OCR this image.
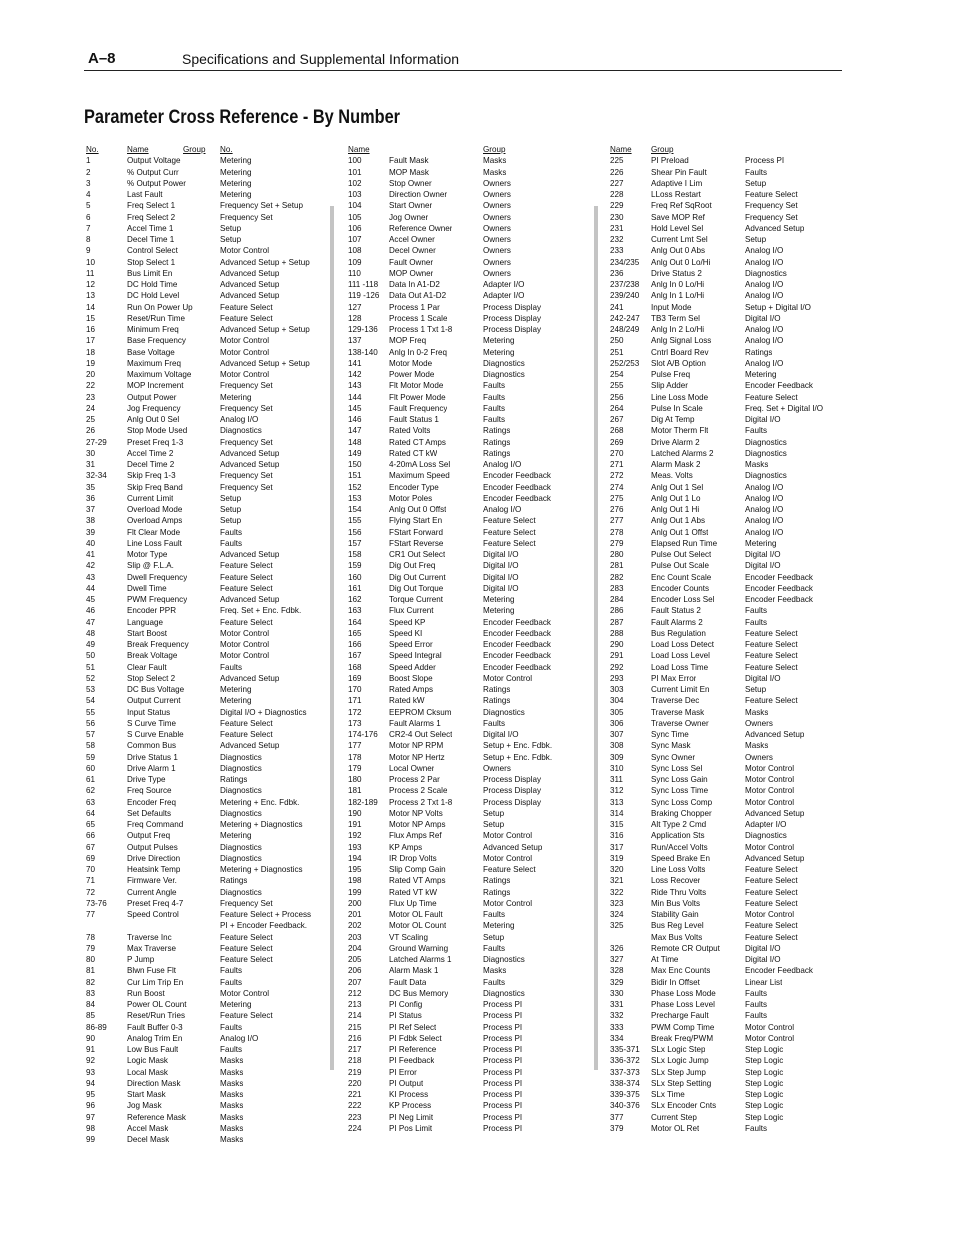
A–8	Specifications and Supplemental Information
Parameter Cross Reference - By Number
No.	Name	Group No.
1	Output Voltage	Metering
2	% Output Curr	Metering
3	% Output Power	Metering
4	Last Fault	Metering
5	Freq Select 1	Frequency Set + Setup
6	Freq Select 2	Frequency Set
7	Accel Time 1	Setup
8	Decel Time 1	Setup
9	Control Select	Motor Control
10	Stop Select 1	Advanced Setup + Setup
11	Bus Limit En	Advanced Setup
12	DC Hold Time	Advanced Setup
13	DC Hold Level	Advanced Setup
14	Run On Power Up	Feature Select
15	Reset/Run Time	Feature Select
16	Minimum Freq	Advanced Setup + Setup
17	Base Frequency	Motor Control
18	Base Voltage	Motor Control
19	Maximum Freq	Advanced Setup + Setup
20	Maximum Voltage	Motor Control
22	MOP Increment	Frequency Set
23	Output Power	Metering
24	Jog Frequency	Frequency Set
25	Anlg Out 0 Sel	Analog I/O
26	Stop Mode Used	Diagnostics
27-29	Preset Freq 1-3	Frequency Set
30	Accel Time 2	Advanced Setup
31	Decel Time 2	Advanced Setup
32-34	Skip Freq 1-3	Frequency Set
35	Skip Freq Band	Frequency Set
36	Current Limit	Setup
37	Overload Mode	Setup
38	Overload Amps	Setup
39	Flt Clear Mode	Faults
40	Line Loss Fault	Faults
41	Motor Type	Advanced Setup
42	Slip @ F.L.A.	Feature Select
43	Dwell Frequency	Feature Select
44	Dwell Time	Feature Select
45	PWM Frequency	Advanced Setup
46	Encoder PPR	Freq. Set + Enc. Fdbk.
47	Language	Feature Select
48	Start Boost	Motor Control
49	Break Frequency	Motor Control
50	Break Voltage	Motor Control
51	Clear Fault	Faults
52	Stop Select 2	Advanced Setup
53	DC Bus Voltage	Metering
54	Output Current	Metering
55	Input Status	Digital I/O + Diagnostics
56	S Curve Time	Feature Select
57	S Curve Enable	Feature Select
58	Common Bus	Advanced Setup
59	Drive Status 1	Diagnostics
60	Drive Alarm 1	Diagnostics
61	Drive Type	Ratings
62	Freq Source	Diagnostics
63	Encoder Freq	Metering + Enc. Fdbk.
64	Set Defaults	Diagnostics
65	Freq Command	Metering + Diagnostics
66	Output Freq	Metering
67	Output Pulses	Diagnostics
69	Drive Direction	Diagnostics
70	Heatsink Temp	Metering + Diagnostics
71	Firmware Ver.	Ratings
72	Current Angle	Diagnostics
73-76	Preset Freq 4-7	Frequency Set
77	Speed Control	Feature Select + Process
PI + Encoder Feedback.
78	Traverse Inc	Feature Select
79	Max Traverse	Feature Select
80	P Jump	Feature Select
81	Blwn Fuse Flt	Faults
82	Cur Lim Trip En	Faults
83	Run Boost	Motor Control
84	Power OL Count	Metering
85	Reset/Run Tries	Feature Select
86-89	Fault Buffer 0-3	Faults
90	Analog Trim En	Analog I/O
91	Low Bus Fault	Faults
92	Logic Mask	Masks
93	Local Mask	Masks
94	Direction Mask	Masks
95	Start Mask	Masks
96	Jog Mask	Masks
97	Reference Mask	Masks
98	Accel Mask	Masks
99	Decel Mask	Masks
Name	Group
100	Fault Mask	Masks
101	MOP Mask	Masks
102	Stop Owner	Owners
103	Direction Owner	Owners
104	Start Owner	Owners
105	Jog Owner	Owners
106	Reference Owner	Owners
107	Accel Owner	Owners
108	Decel Owner	Owners
109	Fault Owner	Owners
110	MOP Owner	Owners
111 -118 Data In A1-D2	Adapter I/O
119 -126 Data Out A1-D2	Adapter I/O
127	Process 1 Par	Process Display
128	Process 1 Scale	Process Display
129-136 Process 1 Txt 1-8	Process Display
137	MOP Freq	Metering
138-140 Anlg In 0-2 Freq	Metering
141	Motor Mode	Diagnostics
142	Power Mode	Diagnostics
143	Flt Motor Mode	Faults
144	Flt Power Mode	Faults
145	Fault Frequency	Faults
146	Fault Status 1	Faults
147	Rated Volts	Ratings
148	Rated CT Amps	Ratings
149	Rated CT kW	Ratings
150	4-20mA Loss Sel	Analog I/O
151	Maximum Speed	Encoder Feedback
152	Encoder Type	Encoder Feedback
153	Motor Poles	Encoder Feedback
154	Anlg Out 0 Offst	Analog I/O
155	Flying Start En	Feature Select
156	FStart Forward	Feature Select
157	FStart Reverse	Feature Select
158	CR1 Out Select	Digital I/O
159	Dig Out Freq	Digital I/O
160	Dig Out Current	Digital I/O
161	Dig Out Torque	Digital I/O
162	Torque Current	Metering
163	Flux Current	Metering
164	Speed KP	Encoder Feedback
165	Speed KI	Encoder Feedback
166	Speed Error	Encoder Feedback
167	Speed Integral	Encoder Feedback
168	Speed Adder	Encoder Feedback
169	Boost Slope	Motor Control
170	Rated Amps	Ratings
171	Rated kW	Ratings
172	EEPROM Cksum	Diagnostics
173	Fault Alarms 1	Faults
174-176 CR2-4 Out Select	Digital I/O
177	Motor NP RPM	Setup + Enc. Fdbk.
178	Motor NP Hertz	Setup + Enc. Fdbk.
179	Local Owner	Owners
180	Process 2 Par	Process Display
181	Process 2 Scale	Process Display
182-189 Process 2 Txt 1-8	Process Display
190	Motor NP Volts	Setup
191	Motor NP Amps	Setup
192	Flux Amps Ref	Motor Control
193	KP Amps	Advanced Setup
194	IR Drop Volts	Motor Control
195	Slip Comp Gain	Feature Select
198	Rated VT Amps	Ratings
199	Rated VT kW	Ratings
200	Flux Up Time	Motor Control
201	Motor OL Fault	Faults
202	Motor OL Count	Metering
203	VT Scaling	Setup
204	Ground Warning	Faults
205	Latched Alarms 1	Diagnostics
206	Alarm Mask 1	Masks
207	Fault Data	Faults
212	DC Bus Memory	Diagnostics
213	PI Config	Process PI
214	PI Status	Process PI
215	PI Ref Select	Process PI
216	PI Fdbk Select	Process PI
217	PI Reference	Process PI
218	PI Feedback	Process PI
219	PI Error	Process PI
220	PI Output	Process PI
221	KI Process	Process PI
222	KP Process	Process PI
223	PI Neg Limit	Process PI
224	PI Pos Limit	Process PI
Name Group
225	PI Preload	Process PI
226	Shear Pin Fault	Faults
227	Adaptive I Lim	Setup
228	LLoss Restart	Feature Select
229	Freq Ref SqRoot	Frequency Set
230	Save MOP Ref	Frequency Set
231	Hold Level Sel	Advanced Setup
232	Current Lmt Sel	Setup
233	Anlg Out 0 Abs	Analog I/O
234/235 Anlg Out 0 Lo/Hi	Analog I/O
236	Drive Status 2	Diagnostics
237/238 Anlg In 0 Lo/Hi	Analog I/O
239/240 Anlg In 1 Lo/Hi	Analog I/O
241	Input Mode	Setup + Digital I/O
242-247 TB3 Term Sel	Digital I/O
248/249 Anlg In 2 Lo/Hi	Analog I/O
250	Anlg Signal Loss	Analog I/O
251	Cntrl Board Rev	Ratings
252/253 Slot A/B Option	Analog I/O
254	Pulse Freq	Metering
255	Slip Adder	Encoder Feedback
256	Line Loss Mode	Feature Select
264	Pulse In Scale	Freq. Set + Digital I/O
267	Dig At Temp	Digital I/O
268	Motor Therm Flt	Faults
269	Drive Alarm 2	Diagnostics
270	Latched Alarms 2	Diagnostics
271	Alarm Mask 2	Masks
272	Meas. Volts	Diagnostics
274	Anlg Out 1 Sel	Analog I/O
275	Anlg Out 1 Lo	Analog I/O
276	Anlg Out 1 Hi	Analog I/O
277	Anlg Out 1 Abs	Analog I/O
278	Anlg Out 1 Offst	Analog I/O
279	Elapsed Run Time	Metering
280	Pulse Out Select	Digital I/O
281	Pulse Out Scale	Digital I/O
282	Enc Count Scale	Encoder Feedback
283	Encoder Counts	Encoder Feedback
284	Encoder Loss Sel	Encoder Feedback
286	Fault Status 2	Faults
287	Fault Alarms 2	Faults
288	Bus Regulation	Feature Select
290	Load Loss Detect	Feature Select
291	Load Loss Level	Feature Select
292	Load Loss Time	Feature Select
293	PI Max Error	Digital I/O
303	Current Limit En	Setup
304	Traverse Dec	Feature Select
305	Traverse Mask	Masks
306	Traverse Owner	Owners
307	Sync Time	Advanced Setup
308	Sync Mask	Masks
309	Sync Owner	Owners
310	Sync Loss Sel	Motor Control
311	Sync Loss Gain	Motor Control
312	Sync Loss Time	Motor Control
313	Sync Loss Comp	Motor Control
314	Braking Chopper	Advanced Setup
315	Alt Type 2 Cmd	Adapter I/O
316	Application Sts	Diagnostics
317	Run/Accel Volts	Motor Control
319	Speed Brake En	Advanced Setup
320	Line Loss Volts	Feature Select
321	Loss Recover	Feature Select
322	Ride Thru Volts	Feature Select
323	Min Bus Volts	Feature Select
324	Stability Gain	Motor Control
325	Bus Reg Level	Feature Select
Max Bus Volts	Feature Select
326	Remote CR Output	Digital I/O
327	At Time	Digital I/O
328	Max Enc Counts	Encoder Feedback
329	Bidir In Offset	Linear List
330	Phase Loss Mode	Faults
331	Phase Loss Level	Faults
332	Precharge Fault	Faults
333	PWM Comp Time	Motor Control
334	Break Freq/PWM	Motor Control
335-371 SLx Logic Step	Step Logic
336-372 SLx Logic Jump	Step Logic
337-373 SLx Step Jump	Step Logic
338-374 SLx Step Setting	Step Logic
339-375 SLx Time	Step Logic
340-376 SLx Encoder Cnts	Step Logic
377	Current Step	Step Logic
379	Motor OL Ret	Faults
